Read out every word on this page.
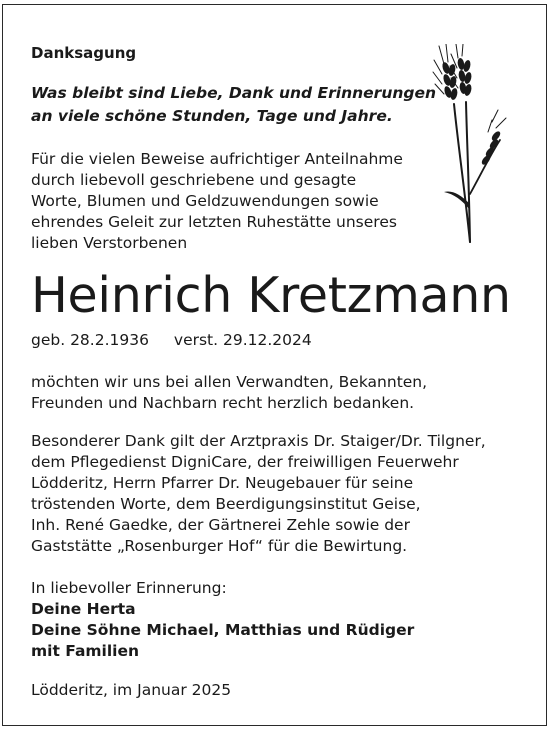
Danksagung

Was bleibt sind Liebe, Dank und Erinnerungen
an viele schöne Stunden, Tage und Jahre.

Für die vielen Beweise aufrichtiger Anteilnahme
durch liebevoll geschriebene und gesagte
Worte, Blumen und Geldzuwendungen sowie
ehrendes Geleit zur letzten Ruhestätte unseres
lieben Verstorbenen

Heinrich Kretzmann

geb. 28.2.1936 verst. 29.12.2024

möchten wir uns bei allen Verwandten, Bekannten,
Freunden und Nachbarn recht herzlich bedanken.

Besonderer Dank gilt der Arztpraxis Dr. Staiger/Dr. Tilgner,
dem Pflegedienst DigniCare, der freiwilligen Feuerwehr
Lödderitz, Herrn Pfarrer Dr. Neugebauer für seine
tröstenden Worte, dem Beerdigungsinstitut Geise,
Inh. René Gaedke, der Gärtnerei Zehle sowie der
Gaststätte „Rosenburger Hof“ für die Bewirtung.

In liebevoller Erinnerung:
Deine Herta
Deine Söhne Michael, Matthias und Rüdiger
mit Familien

Lödderitz, im Januar 2025
